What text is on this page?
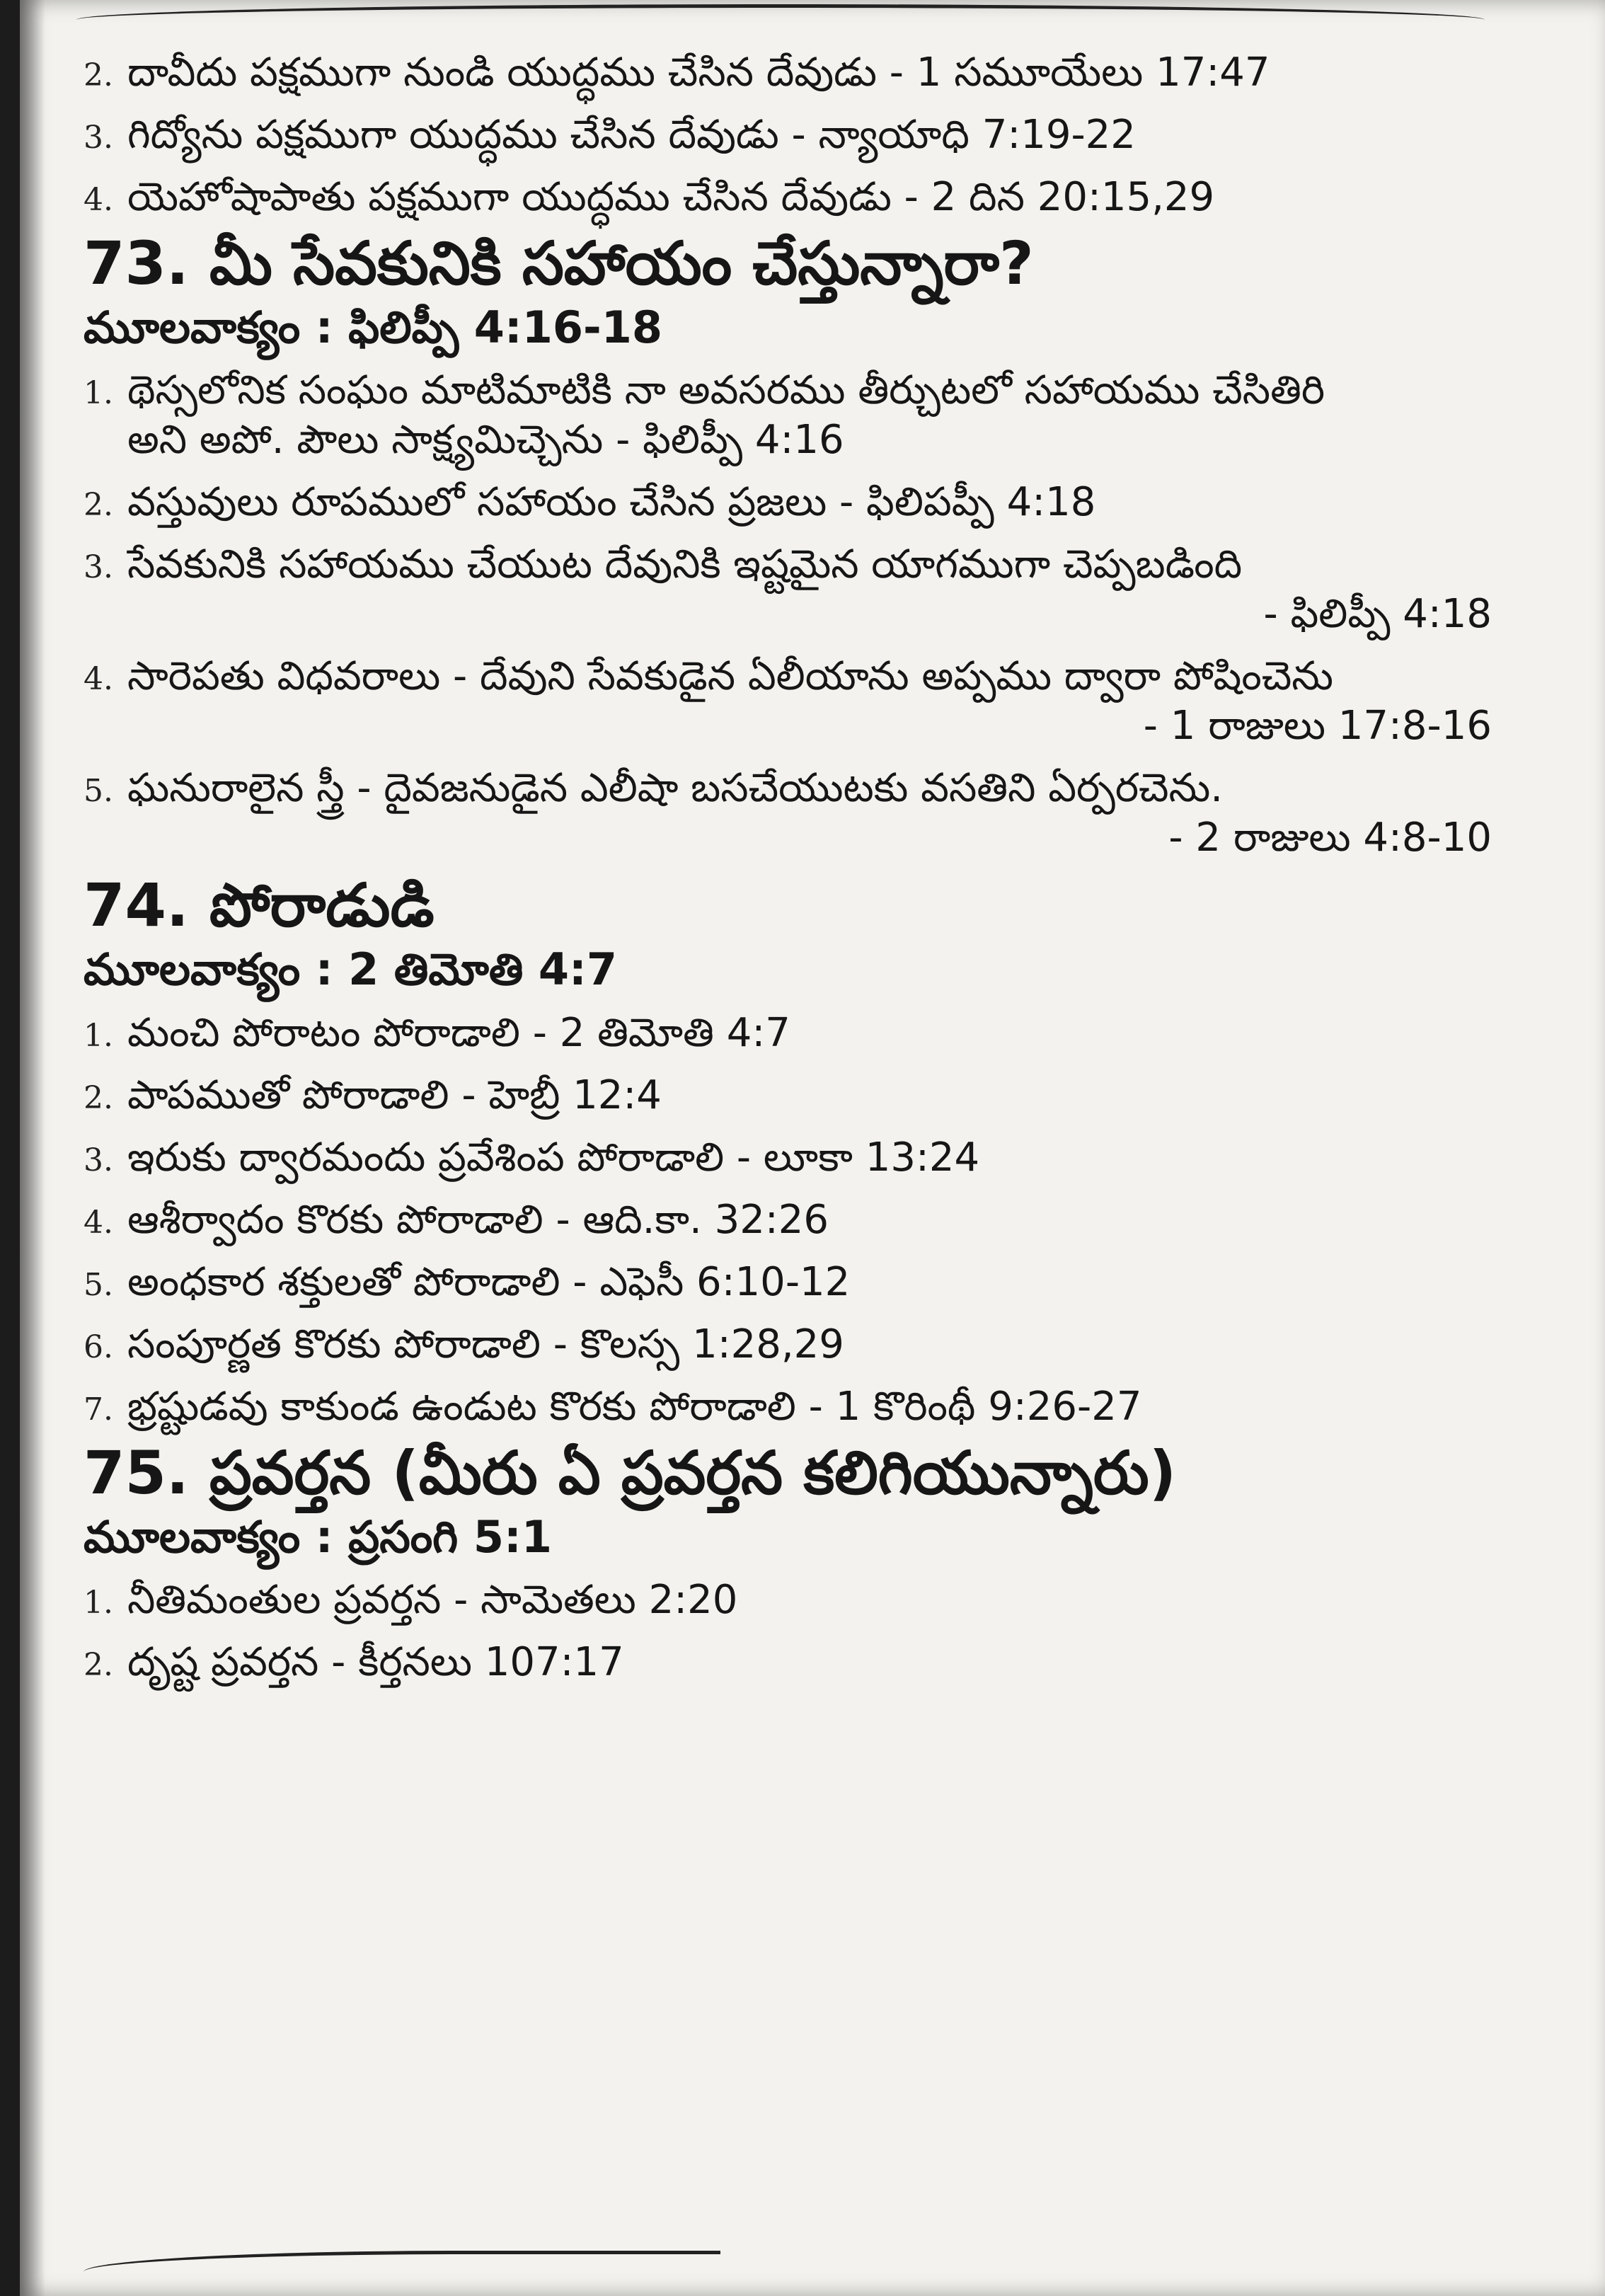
2. దావీదు పక్షముగా నుండి యుద్ధము చేసిన దేవుడు - 1 సమూయేలు 17:47
3. గిద్యోను పక్షముగా యుద్ధము చేసిన దేవుడు - న్యాయాధి 7:19-22
4. యెహోషాపాతు పక్షముగా యుద్ధము చేసిన దేవుడు - 2 దిన 20:15,29
73. మీ సేవకునికి సహాయం చేస్తున్నారా?
మూలవాక్యం : ఫిలిప్పీ 4:16-18
1. థెస్సలోనిక సంఘం మాటిమాటికి నా అవసరము తీర్చుటలో సహాయము చేసితిరి
అని అపో. పౌలు సాక్ష్యమిచ్చెను - ఫిలిప్పీ 4:16
2. వస్తువులు రూపములో సహాయం చేసిన ప్రజలు - ఫిలిపప్పీ 4:18
3. సేవకునికి సహాయము చేయుట దేవునికి ఇష్టమైన యాగముగా చెప్పబడింది
- ఫిలిప్పీ 4:18
4. సారెపతు విధవరాలు - దేవుని సేవకుడైన ఏలీయాను అప్పము ద్వారా పోషించెను
- 1 రాజులు 17:8-16
5. ఘనురాలైన స్త్రీ - దైవజనుడైన ఎలీషా బసచేయుటకు వసతిని ఏర్పరచెను.
- 2 రాజులు 4:8-10
74. పోరాడుడి
మూలవాక్యం : 2 తిమోతి 4:7
1. మంచి పోరాటం పోరాడాలి - 2 తిమోతి 4:7
2. పాపముతో పోరాడాలి - హెబ్రీ 12:4
3. ఇరుకు ద్వారమందు ప్రవేశింప పోరాడాలి - లూకా 13:24
4. ఆశీర్వాదం కొరకు పోరాడాలి - ఆది.కా. 32:26
5. అంధకార శక్తులతో పోరాడాలి - ఎఫెసీ 6:10-12
6. సంపూర్ణత కొరకు పోరాడాలి - కొలస్స 1:28,29
7. భ్రష్టుడవు కాకుండ ఉండుట కొరకు పోరాడాలి - 1 కొరింథీ 9:26-27
75. ప్రవర్తన (మీరు ఏ ప్రవర్తన కలిగియున్నారు)
మూలవాక్యం : ప్రసంగి 5:1
1. నీతిమంతుల ప్రవర్తన - సామెతలు 2:20
2. దృష్ట ప్రవర్తన - కీర్తనలు 107:17
